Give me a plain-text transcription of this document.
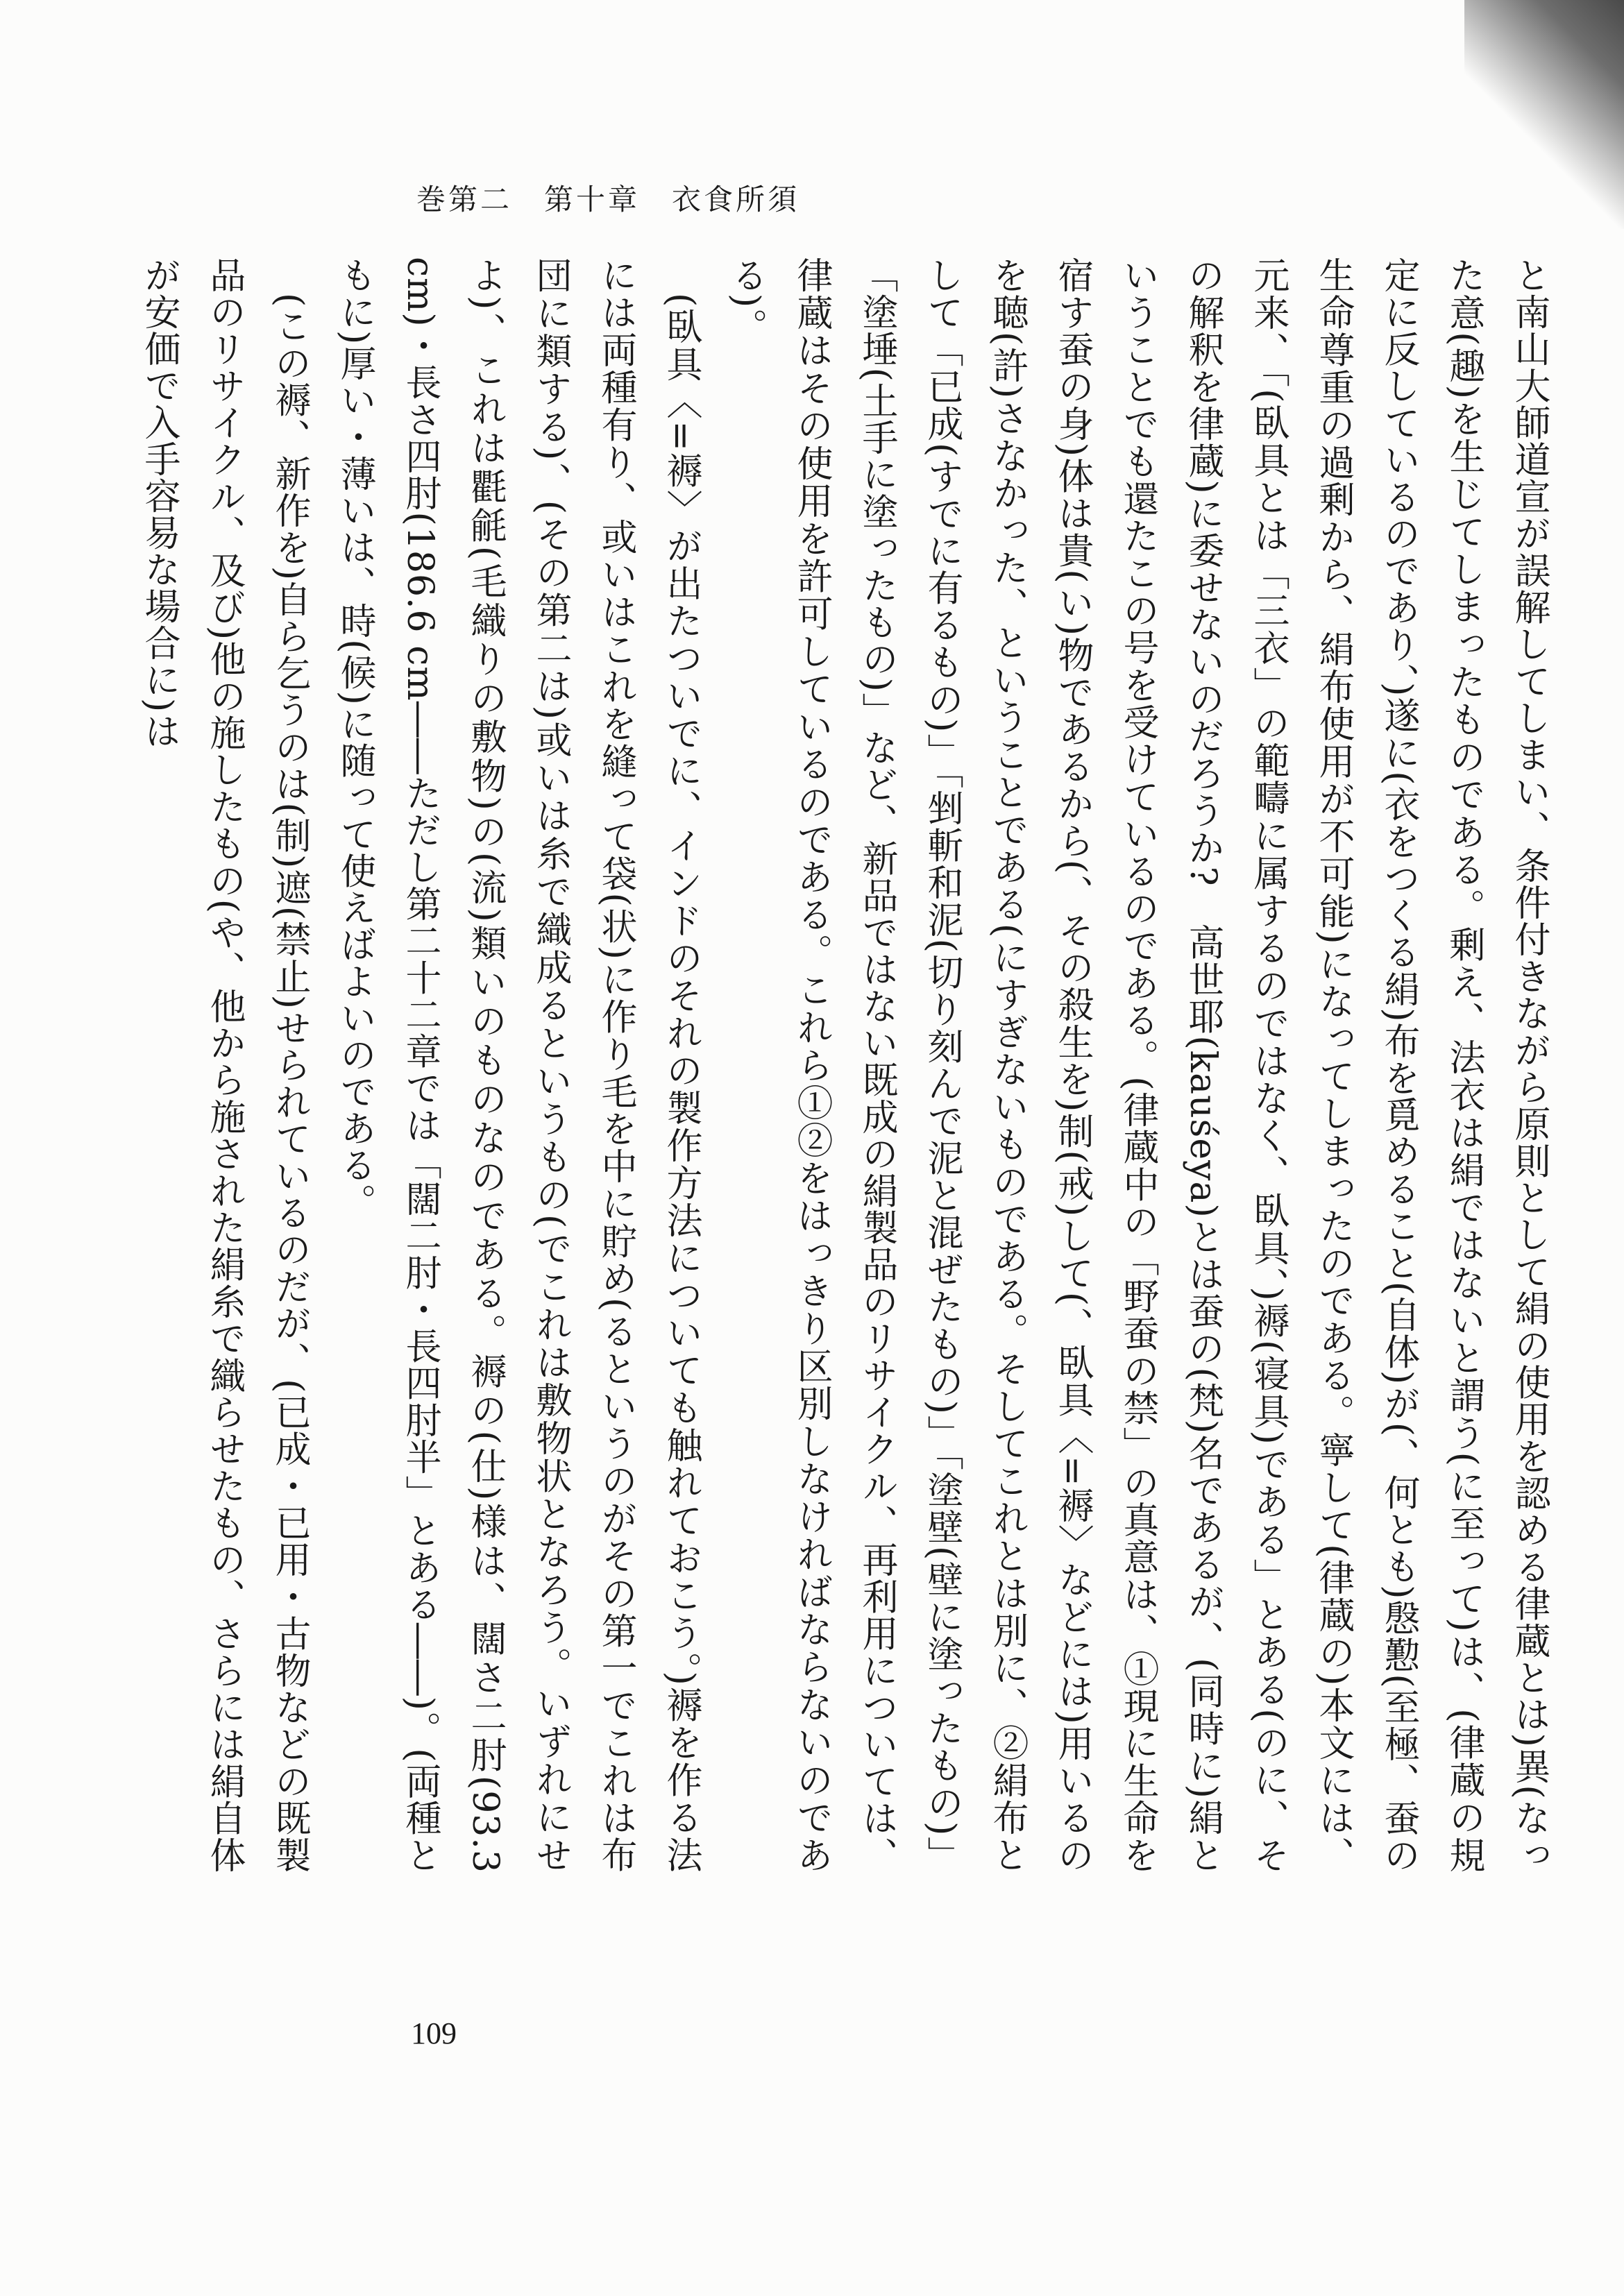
巻第二　第十章　衣食所須

と南山大師道宣が誤解してしまい、条件付きながら原則として絹の使用を認める律蔵とは)異(なった意(趣)を生じてしまったものである。剰え、法衣は絹ではないと謂う(に至って)は、(律蔵の規定に反しているのであり、)遂に(衣をつくる絹)布を覓めること(自体)が(、何とも)慇懃(至極、蚕の生命尊重の過剰から、絹布使用が不可能)になってしまったのである。寧して(律蔵の)本文には、元来、「(臥具とは「三衣」の範疇に属するのではなく、臥具、)褥(寝具)である」とある(のに、その解釈を律蔵)に委せないのだろうか?　高世耶(kauśeya)とは蚕の(梵)名であるが、(同時に)絹ということでも還たこの号を受けているのである。(律蔵中の「野蚕の禁」の真意は、①現に生命を宿す蚕の身)体は貴(い)物であるから(、その殺生を)制(戒)して(、臥具〈=褥〉などには)用いるのを聴(許)さなかった、ということである(にすぎないものである。そしてこれとは別に、②絹布として「已成(すでに有るもの)」「剉斬和泥(切り刻んで泥と混ぜたもの)」「塗壁(壁に塗ったもの)」「塗埵(土手に塗ったもの)」など、新品ではない既成の絹製品のリサイクル、再利用については、律蔵はその使用を許可しているのである。これら①②をはっきり区別しなければならないのである)。

(臥具〈=褥〉が出たついでに、インドのそれの製作方法についても触れておこう。)褥を作る法には両種有り、或いはこれを縫って袋(状)に作り毛を中に貯め(るというのがその第一でこれは布団に類する)、(その第二は)或いは糸で織成るというもの(でこれは敷物状となろう。いずれにせよ)、これは氍毹(毛織りの敷物)の(流)類いのものなのである。褥の(仕)様は、闊さ二肘(93.3 cm)・長さ四肘(186.6 cm――ただし第二十二章では「闊二肘・長四肘半」とある――)。(両種ともに)厚い・薄いは、時(候)に随って使えばよいのである。

(この褥、新作を)自ら乞うのは(制)遮(禁止)せられているのだが、(已成・已用・古物などの既製品のリサイクル、及び)他の施したもの(や、他から施された絹糸で織らせたもの、さらには絹自体が安価で入手容易な場合に)は

109
